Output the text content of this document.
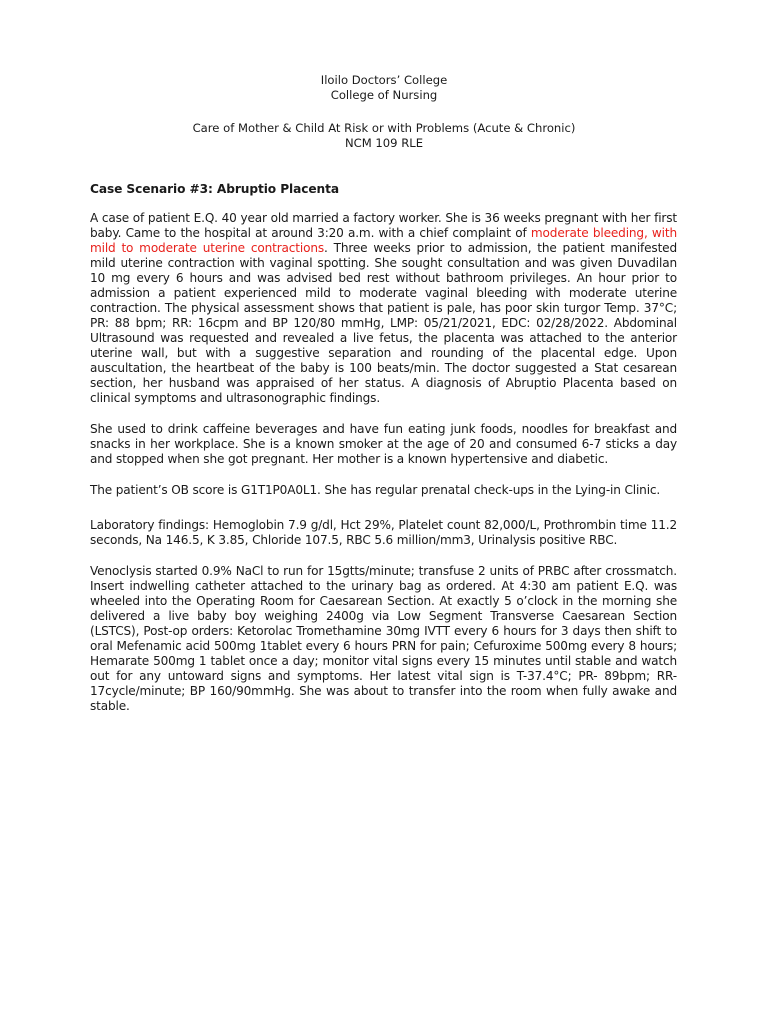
Iloilo Doctors’ College
College of Nursing
Care of Mother & Child At Risk or with Problems (Acute & Chronic)
NCM 109 RLE
Case Scenario #3: Abruptio Placenta

A case of patient E.Q. 40 year old married a factory worker. She is 36 weeks pregnant with her first baby. Came to the hospital at around 3:20 a.m. with a chief complaint of moderate bleeding, with mild to moderate uterine contractions. Three weeks prior to admission, the patient manifested mild uterine contraction with vaginal spotting. She sought consultation and was given Duvadilan 10 mg every 6 hours and was advised bed rest without bathroom privileges. An hour prior to admission a patient experienced mild to moderate vaginal bleeding with moderate uterine contraction. The physical assessment shows that patient is pale, has poor skin turgor Temp. 37°C; PR: 88 bpm; RR: 16cpm and BP 120/80 mmHg, LMP: 05/21/2021, EDC: 02/28/2022. Abdominal Ultrasound was requested and revealed a live fetus, the placenta was attached to the anterior uterine wall, but with a suggestive separation and rounding of the placental edge. Upon auscultation, the heartbeat of the baby is 100 beats/min. The doctor suggested a Stat cesarean section, her husband was appraised of her status. A diagnosis of Abruptio Placenta based on clinical symptoms and ultrasonographic findings.

She used to drink caffeine beverages and have fun eating junk foods, noodles for breakfast and snacks in her workplace. She is a known smoker at the age of 20 and consumed 6-7 sticks a day and stopped when she got pregnant. Her mother is a known hypertensive and diabetic.

The patient’s OB score is G1T1P0A0L1. She has regular prenatal check-ups in the Lying-in Clinic.

Laboratory findings: Hemoglobin 7.9 g/dl, Hct 29%, Platelet count 82,000/L, Prothrombin time 11.2 seconds, Na 146.5, K 3.85, Chloride 107.5, RBC 5.6 million/mm3, Urinalysis positive RBC.

Venoclysis started 0.9% NaCl to run for 15gtts/minute; transfuse 2 units of PRBC after crossmatch. Insert indwelling catheter attached to the urinary bag as ordered. At 4:30 am patient E.Q. was wheeled into the Operating Room for Caesarean Section. At exactly 5 o’clock in the morning she delivered a live baby boy weighing 2400g via Low Segment Transverse Caesarean Section (LSTCS), Post-op orders: Ketorolac Tromethamine 30mg IVTT every 6 hours for 3 days then shift to oral Mefenamic acid 500mg 1tablet every 6 hours PRN for pain; Cefuroxime 500mg every 8 hours; Hemarate 500mg 1 tablet once a day; monitor vital signs every 15 minutes until stable and watch out for any untoward signs and symptoms. Her latest vital sign is T-37.4°C; PR- 89bpm; RR- 17cycle/minute; BP 160/90mmHg. She was about to transfer into the room when fully awake and stable.
